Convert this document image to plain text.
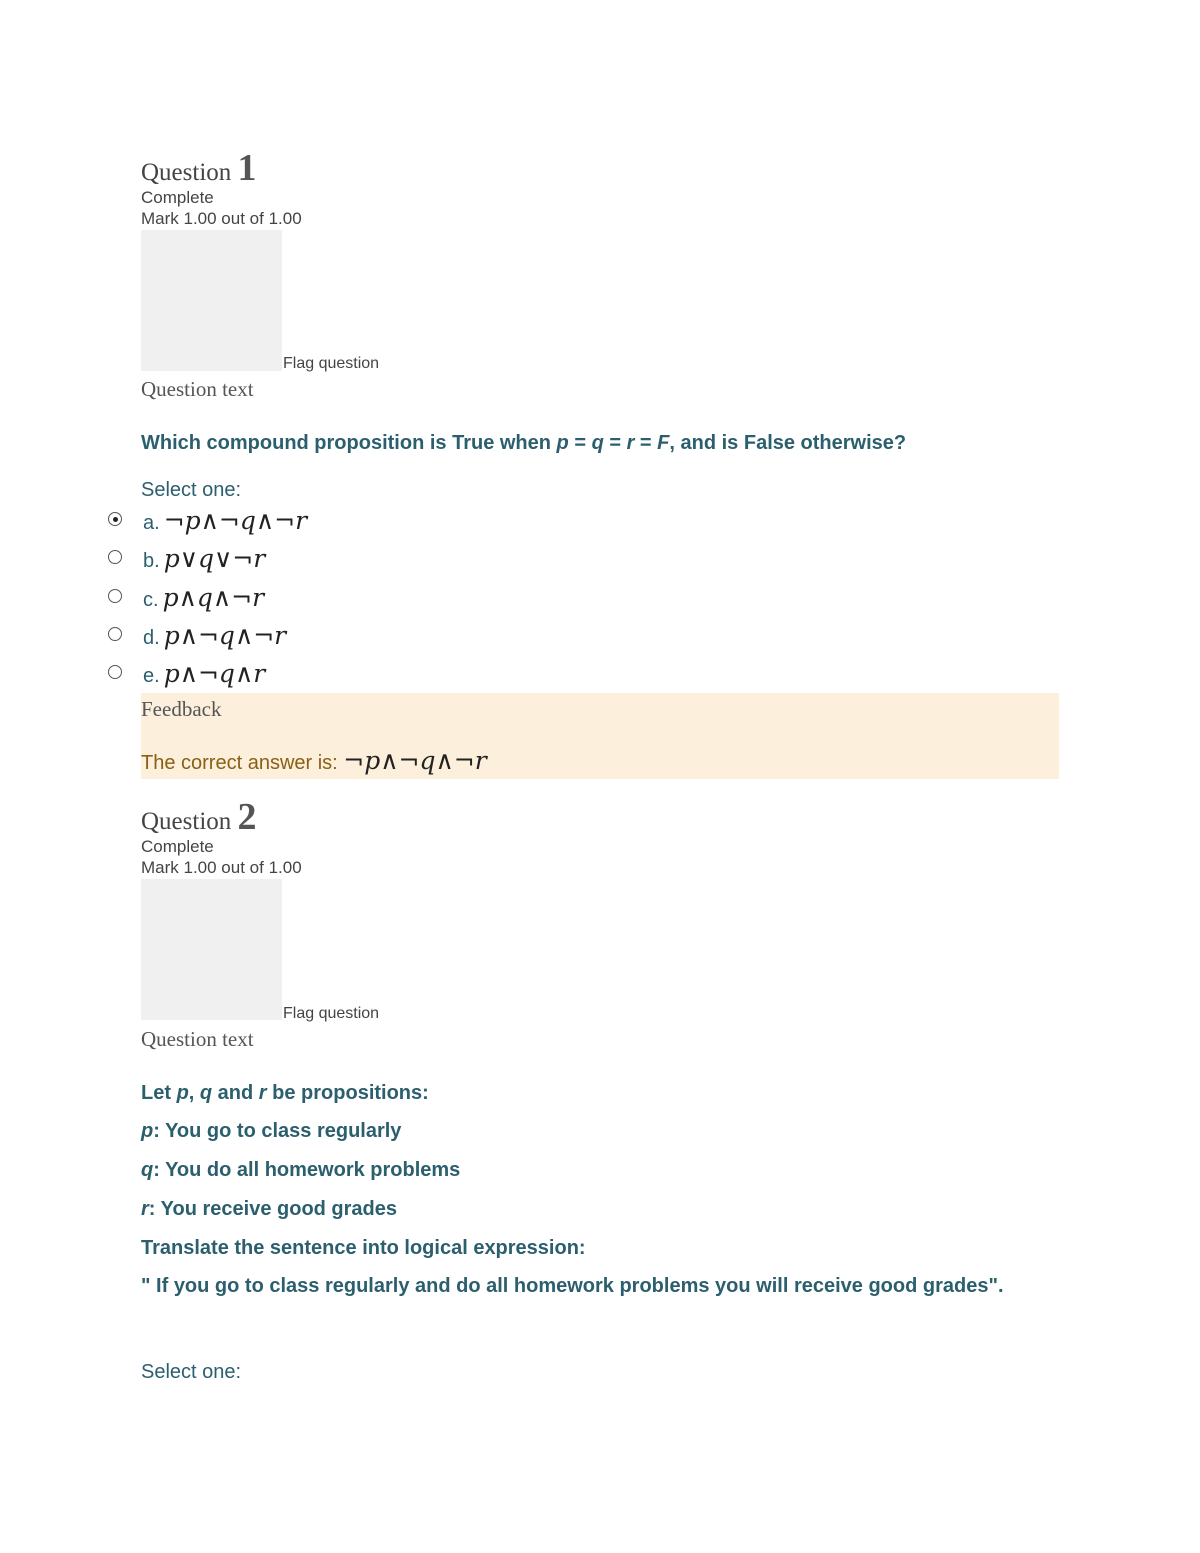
Question 1
Complete
Mark 1.00 out of 1.00
Flag question
Question text
Which compound proposition is True when p = q = r = F, and is False otherwise?
Select one:
a. ¬p∧¬q∧¬r
b. p∨q∨¬r
c. p∧q∧¬r
d. p∧¬q∧¬r
e. p∧¬q∧r
Feedback
The correct answer is: ¬p∧¬q∧¬r
Question 2
Complete
Mark 1.00 out of 1.00
Flag question
Question text
Let p, q and r be propositions:
p: You go to class regularly
q: You do all homework problems
r: You receive good grades
Translate the sentence into logical expression:
" If you go to class regularly and do all homework problems you will receive good grades".
Select one:
